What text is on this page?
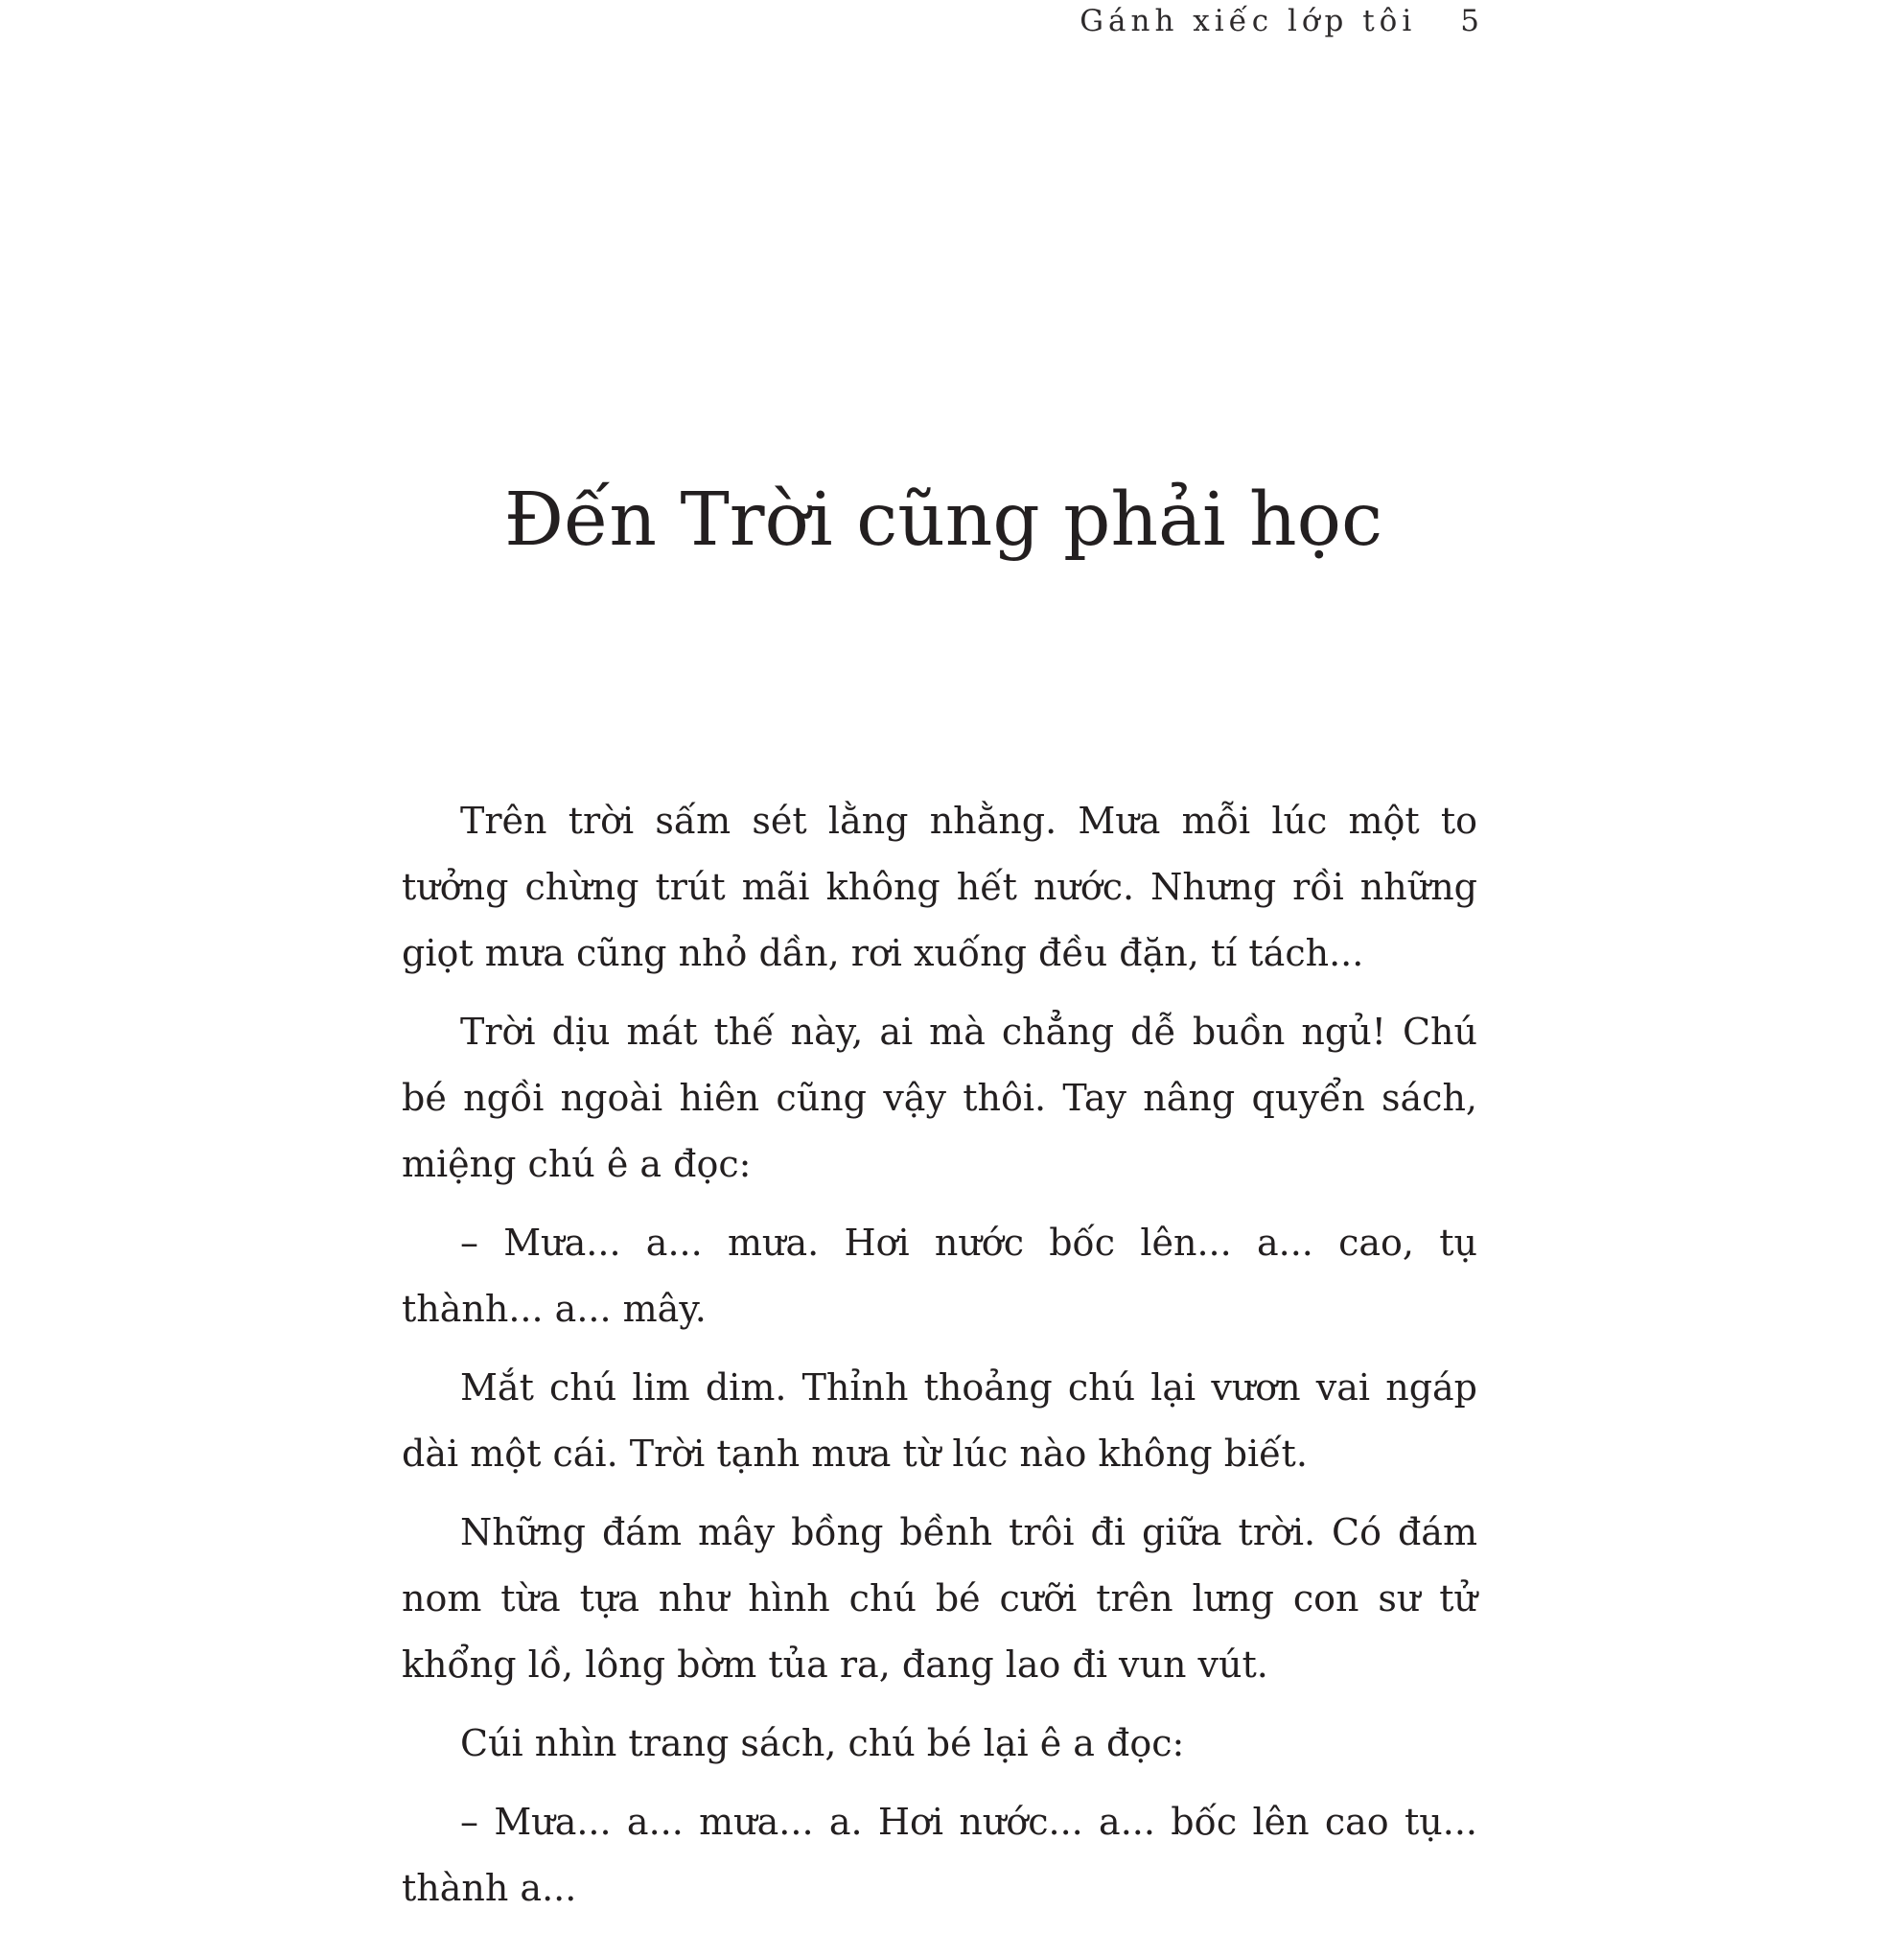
Gánh xiếc lớp tôi 5
Đến Trời cũng phải học

Trên trời sấm sét lằng nhằng. Mưa mỗi lúc một to tưởng chừng trút mãi không hết nước. Nhưng rồi những giọt mưa cũng nhỏ dần, rơi xuống đều đặn, tí tách...

Trời dịu mát thế này, ai mà chẳng dễ buồn ngủ! Chú bé ngồi ngoài hiên cũng vậy thôi. Tay nâng quyển sách, miệng chú ê a đọc:

– Mưa... a... mưa. Hơi nước bốc lên... a... cao, tụ thành... a... mây.

Mắt chú lim dim. Thỉnh thoảng chú lại vươn vai ngáp dài một cái. Trời tạnh mưa từ lúc nào không biết.

Những đám mây bồng bềnh trôi đi giữa trời. Có đám nom từa tựa như hình chú bé cưỡi trên lưng con sư tử khổng lồ, lông bờm tủa ra, đang lao đi vun vút.

Cúi nhìn trang sách, chú bé lại ê a đọc:

– Mưa... a... mưa... a. Hơi nước... a... bốc lên cao tụ... thành a...
